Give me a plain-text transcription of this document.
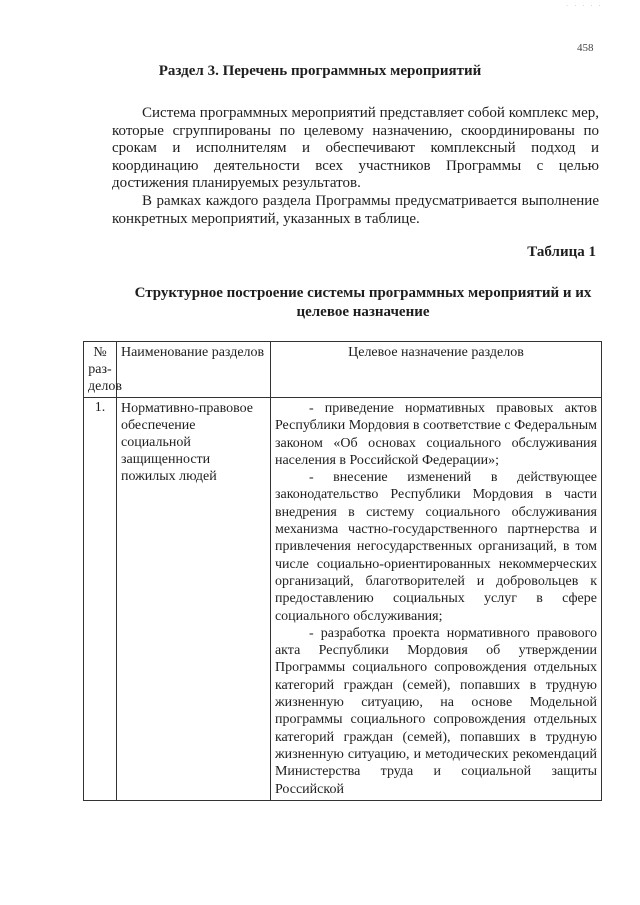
· · · · ·
458
Раздел 3. Перечень программных мероприятий

Система программных мероприятий представляет собой комплекс мер, которые сгруппированы по целевому назначению, скоординированы по срокам и исполнителям и обеспечивают комплексный подход и координацию деятельности всех участников Программы с целью достижения планируемых результатов.

В рамках каждого раздела Программы предусматривается выполнение конкретных мероприятий, указанных в таблице.

Таблица 1
Структурное построение системы программных мероприятий и их целевое назначение
№ раз-делов	Наименование разделов	Целевое назначение разделов
1.	Нормативно-правовое обеспечение социальной защищенности пожилых людей	- приведение нормативных правовых актов Республики Мордовия в соответствие с Федеральным законом «Об основах социального обслуживания населения в Российской Федерации»;

- внесение изменений в действующее законодательство Республики Мордовия в части внедрения в систему социального обслуживания механизма частно-государственного партнерства и привлечения негосударственных организаций, в том числе социально-ориентированных некоммерческих организаций, благотворителей и добровольцев к предоставлению социальных услуг в сфере социального обслуживания;

- разработка проекта нормативного правового акта Республики Мордовия об утверждении Программы социального сопровождения отдельных категорий граждан (семей), попавших в трудную жизненную ситуацию, на основе Модельной программы социального сопровождения отдельных категорий граждан (семей), попавших в трудную жизненную ситуацию, и методических рекомендаций Министерства труда и социальной защиты Российской
